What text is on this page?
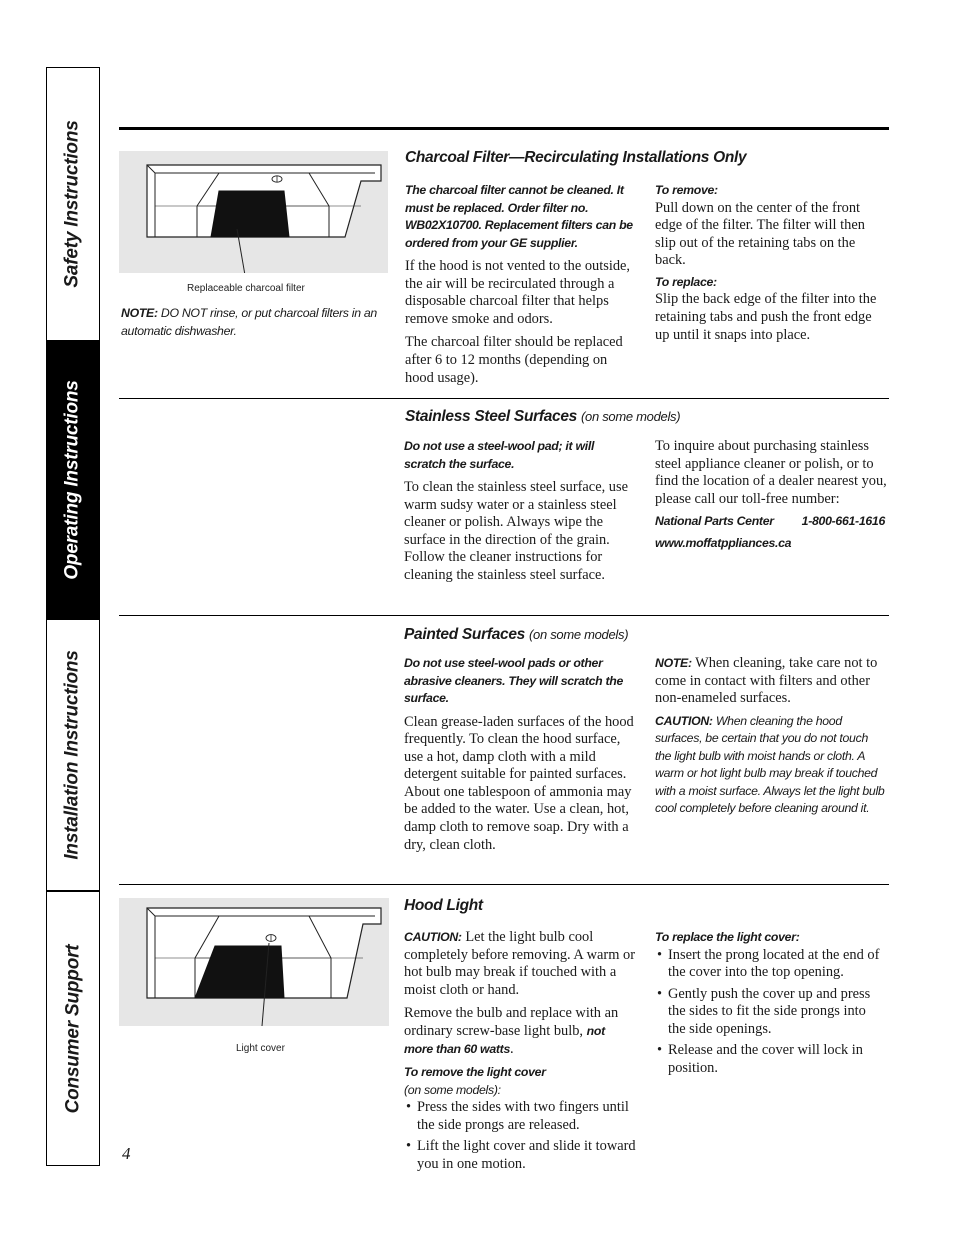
Safety Instructions
Operating Instructions
Installation Instructions
Consumer Support
Replaceable charcoal filter
NOTE: DO NOT rinse, or put charcoal filters in an automatic dishwasher.
Charcoal Filter—Recirculating Installations Only

The charcoal filter cannot be cleaned. It must be replaced. Order filter no. WB02X10700. Replacement filters can be ordered from your GE supplier.

If the hood is not vented to the outside, the air will be recirculated through a disposable charcoal filter that helps remove smoke and odors.

The charcoal filter should be replaced after 6 to 12 months (depending on hood usage).

To remove:

Pull down on the center of the front edge of the filter. The filter will then slip out of the retaining tabs on the back.

To replace:

Slip the back edge of the filter into the retaining tabs and push the front edge up until it snaps into place.

Stainless Steel Surfaces (on some models)

Do not use a steel-wool pad; it will scratch the surface.

To clean the stainless steel surface, use warm sudsy water or a stainless steel cleaner or polish. Always wipe the surface in the direction of the grain. Follow the cleaner instructions for cleaning the stainless steel surface.

To inquire about purchasing stainless steel appliance cleaner or polish, or to find the location of a dealer nearest you, please call our toll-free number:

National Parts Center 1-800-661-1616

www.moffatppliances.ca

Painted Surfaces (on some models)

Do not use steel-wool pads or other abrasive cleaners. They will scratch the surface.

Clean grease-laden surfaces of the hood frequently. To clean the hood surface, use a hot, damp cloth with a mild detergent suitable for painted surfaces. About one tablespoon of ammonia may be added to the water. Use a clean, hot, damp cloth to remove soap. Dry with a dry, clean cloth.

NOTE: When cleaning, take care not to come in contact with filters and other non-enameled surfaces.

CAUTION: When cleaning the hood surfaces, be certain that you do not touch the light bulb with moist hands or cloth. A warm or hot light bulb may break if touched with a moist surface. Always let the light bulb cool completely before cleaning around it.

Light cover
Hood Light

CAUTION: Let the light bulb cool completely before removing. A warm or hot bulb may break if touched with a moist cloth or hand.

Remove the bulb and replace with an ordinary screw-base light bulb, not more than 60 watts.

To remove the light cover

(on some models):

• Press the sides with two fingers until the side prongs are released.
• Lift the light cover and slide it toward you in one motion.

To replace the light cover:

• Insert the prong located at the end of the cover into the top opening.
• Gently push the cover up and press the sides to fit the side prongs into the side openings.
• Release and the cover will lock in position.
4
